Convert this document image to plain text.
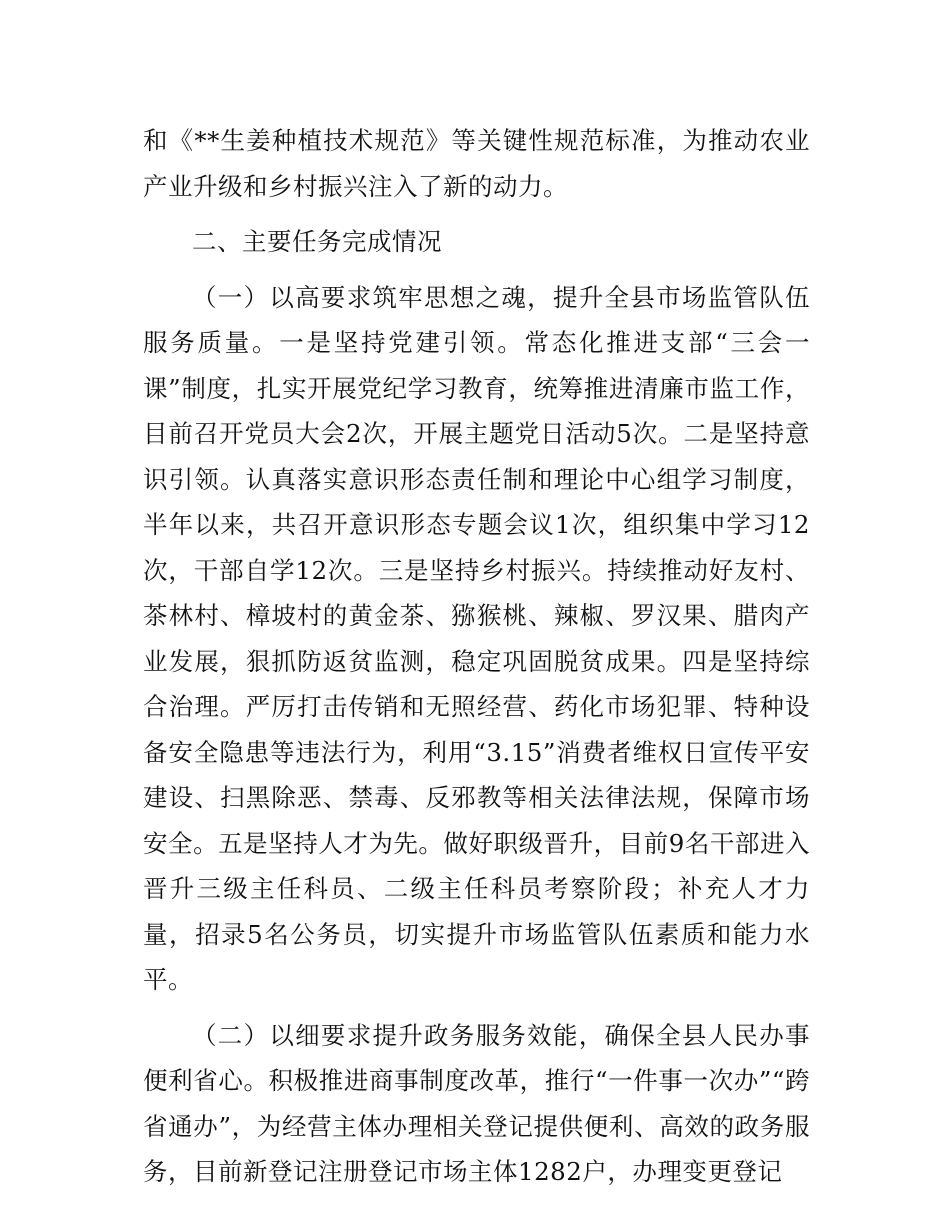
和《**生姜种植技术规范》等关键性规范标准，为推动农业产业升级和乡村振兴注入了新的动力。

二、主要任务完成情况

（一）以高要求筑牢思想之魂，提升全县市场监管队伍服务质量。一是坚持党建引领。常态化推进支部“三会一课”制度，扎实开展党纪学习教育，统筹推进清廉市监工作，目前召开党员大会2次，开展主题党日活动5次。二是坚持意识引领。认真落实意识形态责任制和理论中心组学习制度，半年以来，共召开意识形态专题会议1次，组织集中学习12次，干部自学12次。三是坚持乡村振兴。持续推动好友村、茶林村、樟坡村的黄金茶、猕猴桃、辣椒、罗汉果、腊肉产业发展，狠抓防返贫监测，稳定巩固脱贫成果。四是坚持综合治理。严厉打击传销和无照经营、药化市场犯罪、特种设备安全隐患等违法行为，利用“3.15”消费者维权日宣传平安建设、扫黑除恶、禁毒、反邪教等相关法律法规，保障市场安全。五是坚持人才为先。做好职级晋升，目前9名干部进入晋升三级主任科员、二级主任科员考察阶段；补充人才力量，招录5名公务员，切实提升市场监管队伍素质和能力水平。

（二）以细要求提升政务服务效能，确保全县人民办事便利省心。积极推进商事制度改革，推行“一件事一次办”“跨省通办”，为经营主体办理相关登记提供便利、高效的政务服务，目前新登记注册登记市场主体1282户，办理变更登记
